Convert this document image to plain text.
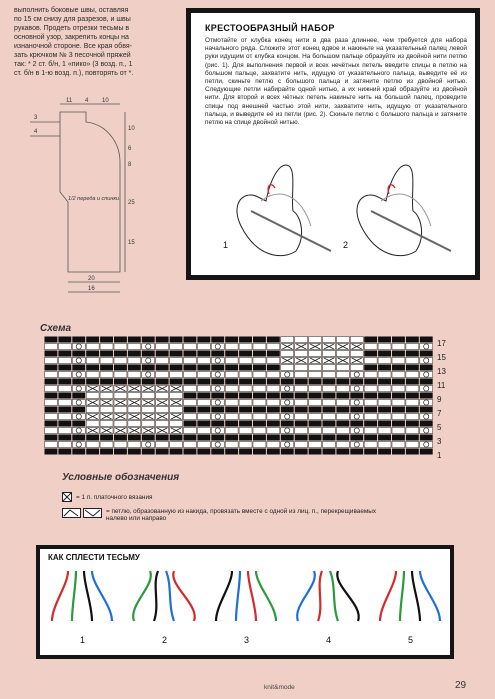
выполнить боковые швы, оставляя

по 15 см снизу для разрезов, и швы

рукавов. Продеть отрезки тесьмы в

основной узор, закрепить концы на

изнаночной стороне. Все края обвя-

зать крючком № 3 песочной пряжей

так: * 2 ст. б/н, 1 «пико» (3 возд. п., 1

ст. б/н в 1-ю возд. п.), повторять от *.

11 4 10
10
6
8
25
15
3
4
20
16
1/2 переда и спинки
КРЕСТООБРАЗНЫЙ НАБОР
Отмотайте от клубка конец нити в два раза длиннее, чем требуется для набора начального ряда. Сложите этот конец вдвое и накиньте на указательный палец левой руки идущим от клубка концом. На большом пальце образуйте из двойной нити петлю (рис. 1). Для выполнения первой и всех нечётных петель введите спицы в петлю на большом пальце, захватите нить, идущую от указательного пальца, выведите её из петли, скиньте петлю с большого пальца и затяните петлю из двойной нитью. Следующие петли набирайте одной нитью, а их нижний край образуйте из двойной нити. Для второй и всех чётных петель накиньте нить на большой палец, проведите спицы под внешней частью этой нити, захватите нить, идущую от указательного пальца, и выведите её из петли (рис. 2). Скиньте петлю с большого пальца и затяните петлю на спице двойной нитью.
1	2
Схема
17
15
13
11
9
7
5
3
1
Условные обозначения
= 1 п. платочного вязания
= петлю, образованную из накида, провязать вместе с одной из лиц. п., перекрещиваемых
налево или направо
КАК СПЛЕСТИ ТЕСЬМУ
1	2	3	4	5
knit&mode	29
